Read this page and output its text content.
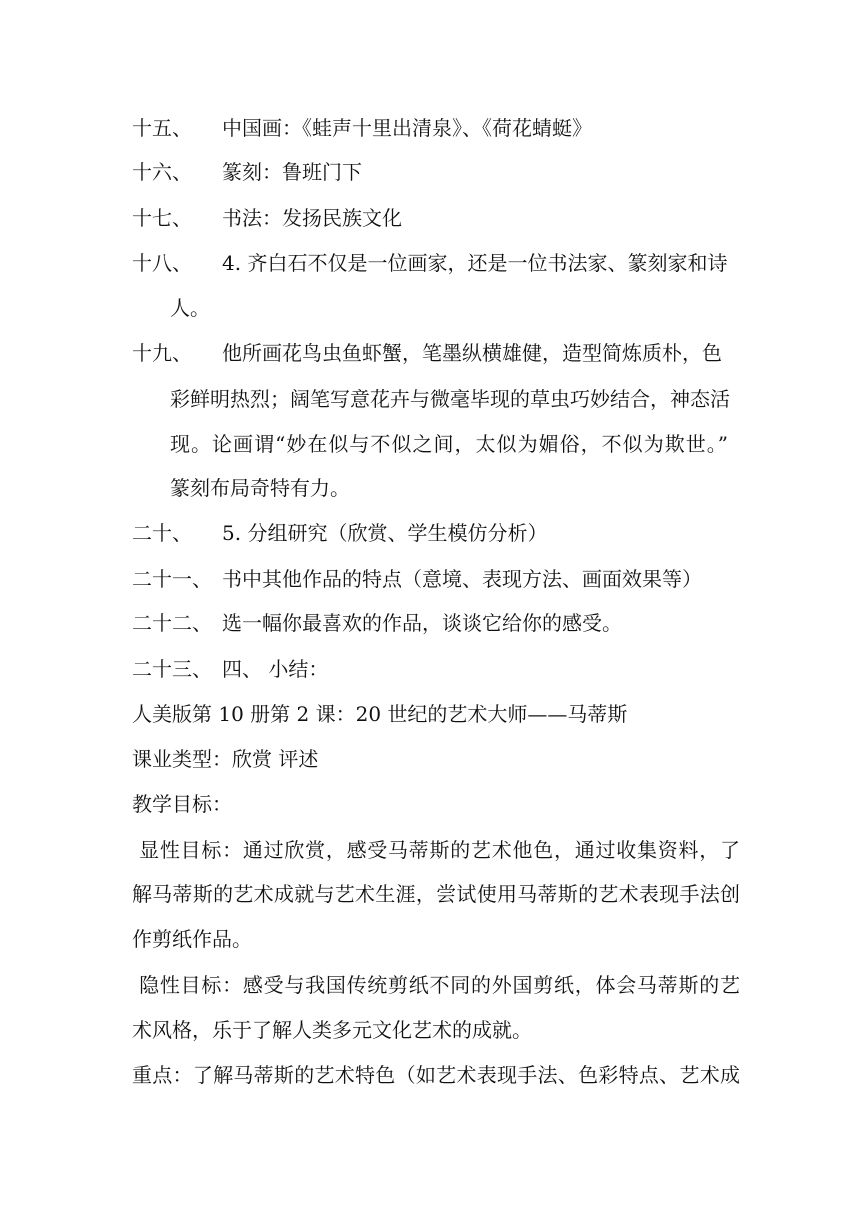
十五、 中国画：《蛙声十里出清泉》、《荷花蜻蜓》
十六、 篆刻：鲁班门下
十七、 书法：发扬民族文化
十八、 4. 齐白石不仅是一位画家，还是一位书法家、篆刻家和诗
人。
十九、 他所画花鸟虫鱼虾蟹，笔墨纵横雄健，造型简炼质朴，色
彩鲜明热烈；阔笔写意花卉与微毫毕现的草虫巧妙结合，神态活
现。论画谓“妙在似与不似之间，太似为媚俗，不似为欺世。”
篆刻布局奇特有力。
二十、 5. 分组研究（欣赏、学生模仿分析）
二十一、 书中其他作品的特点（意境、表现方法、画面效果等）
二十二、 选一幅你最喜欢的作品，谈谈它给你的感受。
二十三、 四、 小结：
人美版第 10 册第 2 课：20 世纪的艺术大师——马蒂斯
课业类型：欣赏 评述
教学目标：
显性目标：通过欣赏，感受马蒂斯的艺术他色，通过收集资料，了
解马蒂斯的艺术成就与艺术生涯，尝试使用马蒂斯的艺术表现手法创
作剪纸作品。
隐性目标：感受与我国传统剪纸不同的外国剪纸，体会马蒂斯的艺
术风格，乐于了解人类多元文化艺术的成就。
重点：了解马蒂斯的艺术特色（如艺术表现手法、色彩特点、艺术成
